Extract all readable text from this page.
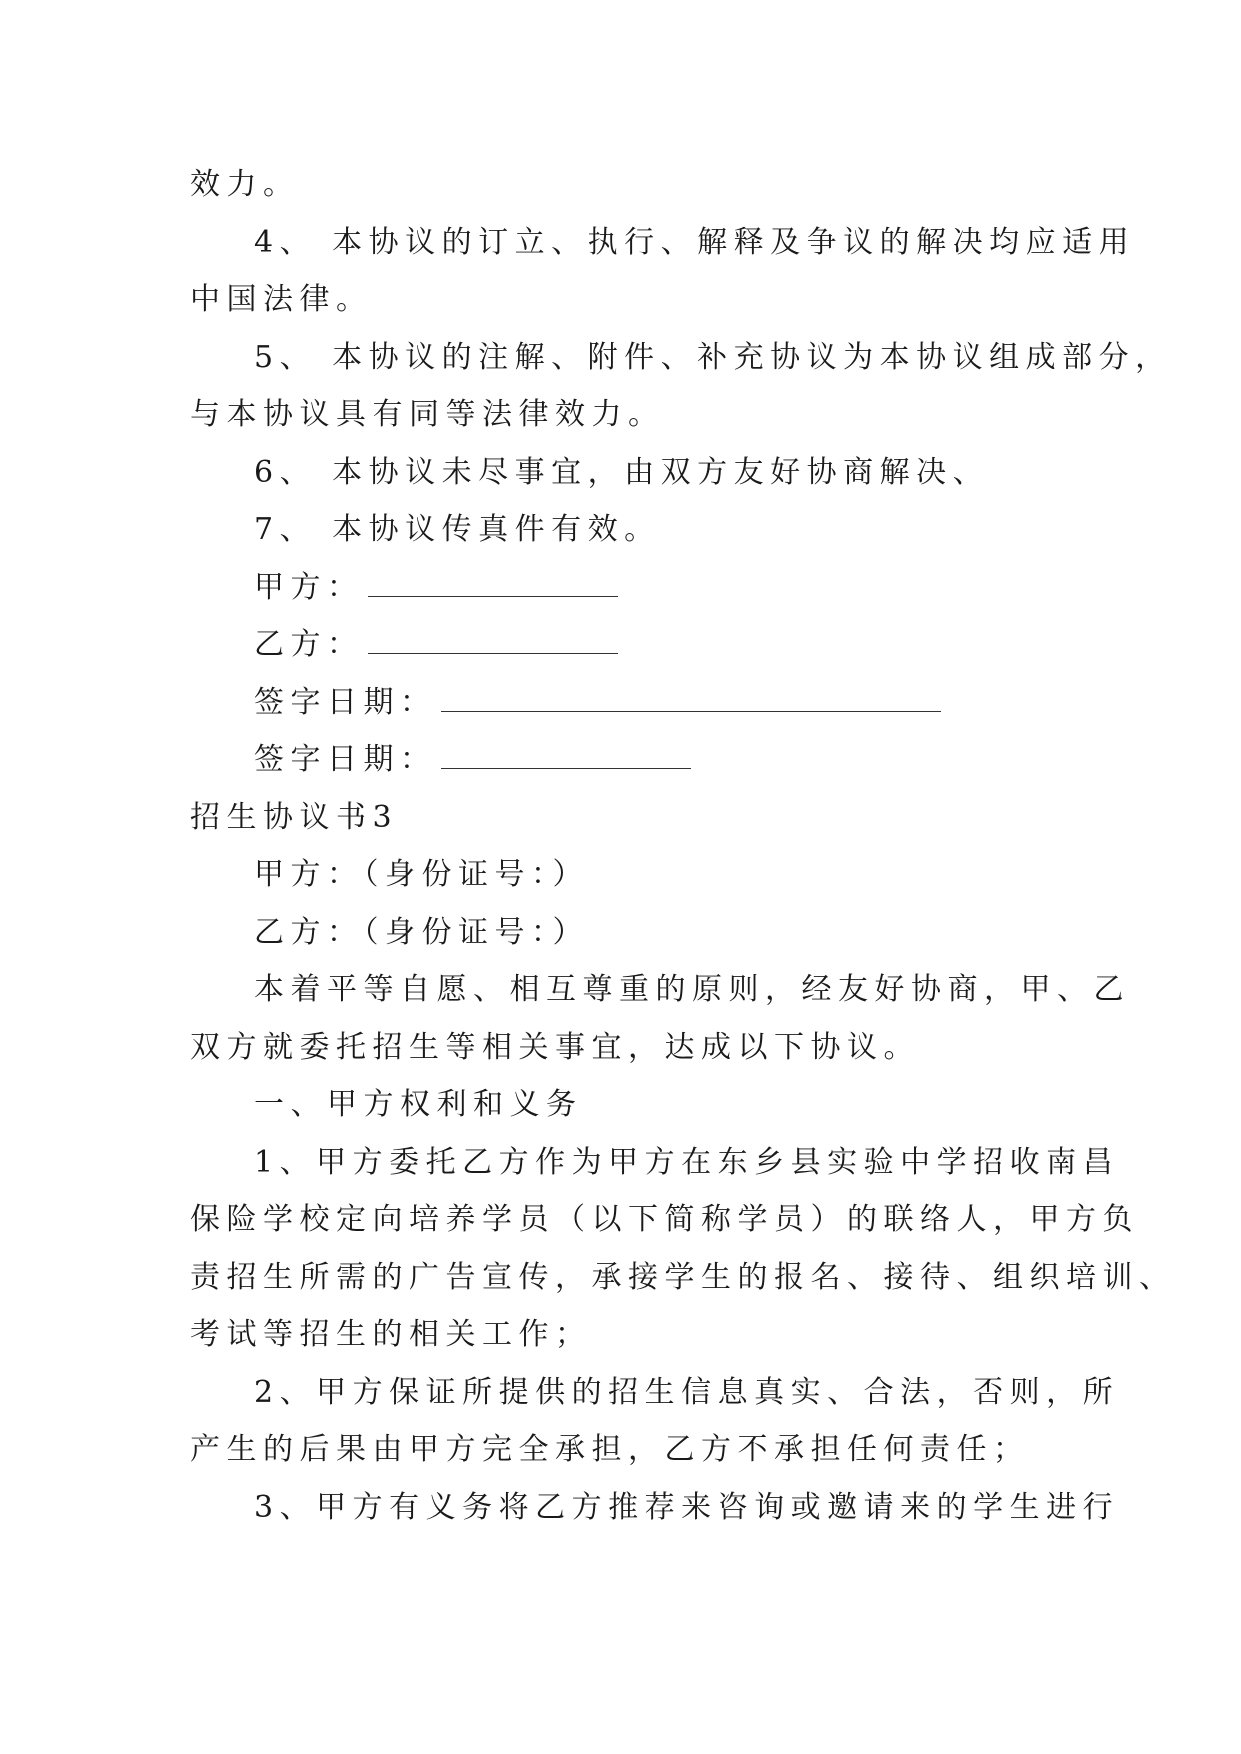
效力。
4、 本协议的订立、执行、解释及争议的解决均应适用
中国法律。
5、 本协议的注解、附件、补充协议为本协议组成部分，
与本协议具有同等法律效力。
6、 本协议未尽事宜，由双方友好协商解决、
7、 本协议传真件有效。
甲方：
乙方：
签字日期：
签字日期：
招生协议书3
甲方：（身份证号：）
乙方：（身份证号：）
本着平等自愿、相互尊重的原则，经友好协商，甲、乙
双方就委托招生等相关事宜，达成以下协议。
一、甲方权利和义务
1、甲方委托乙方作为甲方在东乡县实验中学招收南昌
保险学校定向培养学员（以下简称学员）的联络人，甲方负
责招生所需的广告宣传，承接学生的报名、接待、组织培训、
考试等招生的相关工作；
2、甲方保证所提供的招生信息真实、合法，否则，所
产生的后果由甲方完全承担，乙方不承担任何责任；
3、甲方有义务将乙方推荐来咨询或邀请来的学生进行
